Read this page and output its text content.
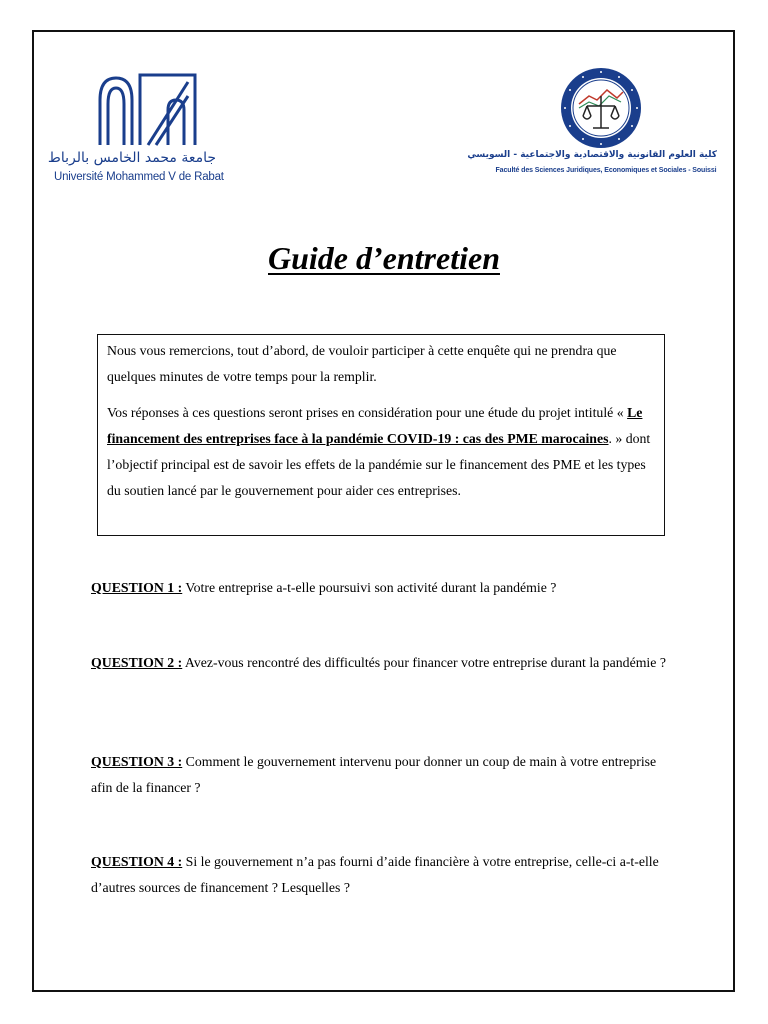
جامعة محمد الخامس بالرباط
Université Mohammed V de Rabat
كلية العلوم القانونية والاقتصادية والاجتماعية - السويسي
Faculté des Sciences Juridiques, Economiques et Sociales - Souissi
Guide d’entretien

Nous vous remercions, tout d’abord, de vouloir participer à cette enquête qui ne prendra que quelques minutes de votre temps pour la remplir.

Vos réponses à ces questions seront prises en considération pour une étude du projet intitulé « Le financement des entreprises face à la pandémie COVID-19 : cas des PME marocaines. » dont l’objectif principal est de savoir les effets de la pandémie sur le financement des PME et les types du soutien lancé par le gouvernement pour aider ces entreprises.

QUESTION 1 : Votre entreprise a-t-elle poursuivi son activité durant la pandémie ?

QUESTION 2 : Avez-vous rencontré des difficultés pour financer votre entreprise durant la pandémie ?

QUESTION 3 : Comment le gouvernement intervenu pour donner un coup de main à votre entreprise afin de la financer ?

QUESTION 4 : Si le gouvernement n’a pas fourni d’aide financière à votre entreprise, celle-ci a-t-elle d’autres sources de financement ? Lesquelles ?
